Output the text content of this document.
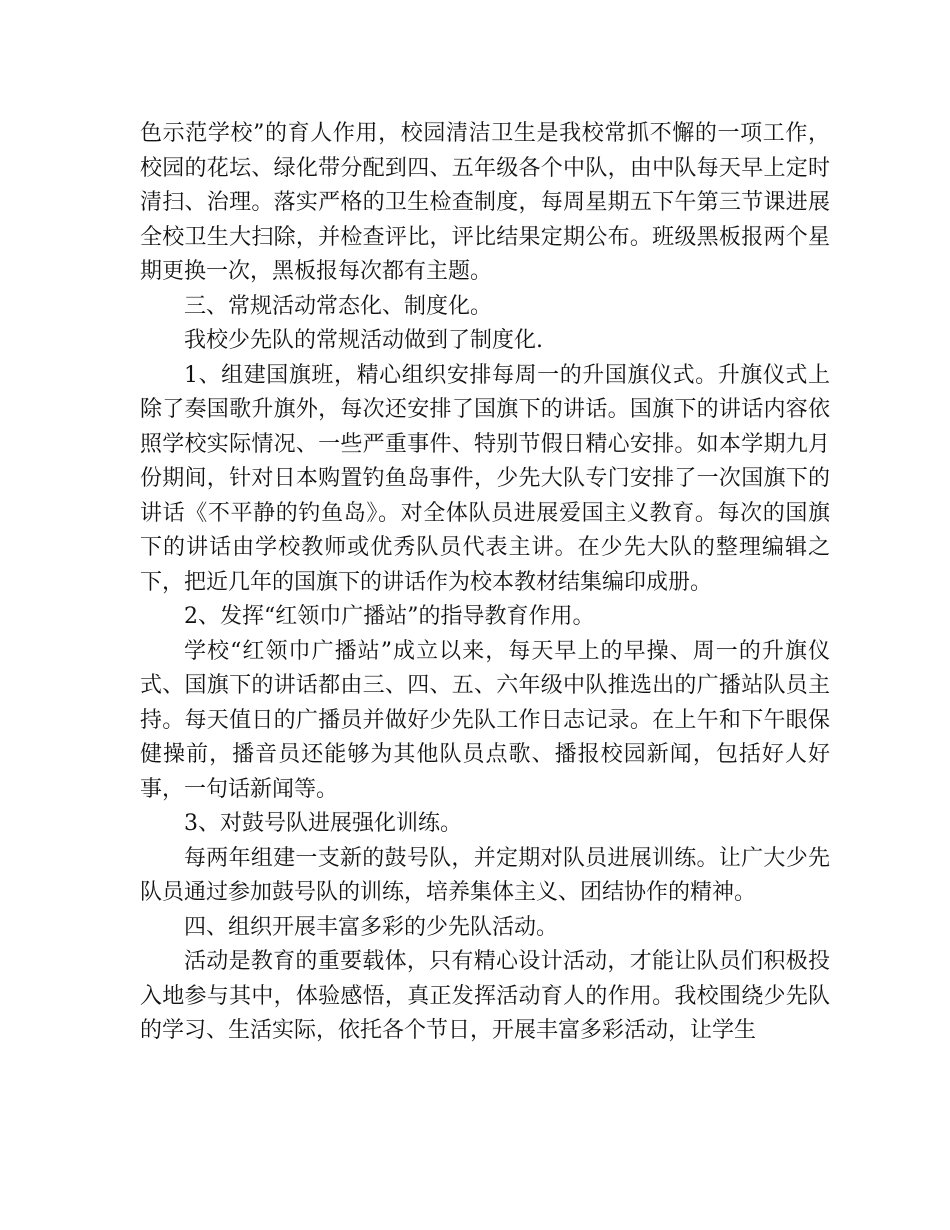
色示范学校”的育人作用，校园清洁卫生是我校常抓不懈的一项工作，校园的花坛、绿化带分配到四、五年级各个中队，由中队每天早上定时清扫、治理。落实严格的卫生检查制度，每周星期五下午第三节课进展全校卫生大扫除，并检查评比，评比结果定期公布。班级黑板报两个星期更换一次，黑板报每次都有主题。

三、常规活动常态化、制度化。

我校少先队的常规活动做到了制度化.

1、组建国旗班，精心组织安排每周一的升国旗仪式。升旗仪式上除了奏国歌升旗外，每次还安排了国旗下的讲话。国旗下的讲话内容依照学校实际情况、一些严重事件、特别节假日精心安排。如本学期九月份期间，针对日本购置钓鱼岛事件，少先大队专门安排了一次国旗下的讲话《不平静的钓鱼岛》。对全体队员进展爱国主义教育。每次的国旗下的讲话由学校教师或优秀队员代表主讲。在少先大队的整理编辑之下，把近几年的国旗下的讲话作为校本教材结集编印成册。

2、发挥“红领巾广播站”的指导教育作用。

学校“红领巾广播站”成立以来，每天早上的早操、周一的升旗仪式、国旗下的讲话都由三、四、五、六年级中队推选出的广播站队员主持。每天值日的广播员并做好少先队工作日志记录。在上午和下午眼保健操前，播音员还能够为其他队员点歌、播报校园新闻，包括好人好事，一句话新闻等。

3、对鼓号队进展强化训练。

每两年组建一支新的鼓号队，并定期对队员进展训练。让广大少先队员通过参加鼓号队的训练，培养集体主义、团结协作的精神。

四、组织开展丰富多彩的少先队活动。

活动是教育的重要载体，只有精心设计活动，才能让队员们积极投入地参与其中，体验感悟，真正发挥活动育人的作用。我校围绕少先队的学习、生活实际，依托各个节日，开展丰富多彩活动，让学生
